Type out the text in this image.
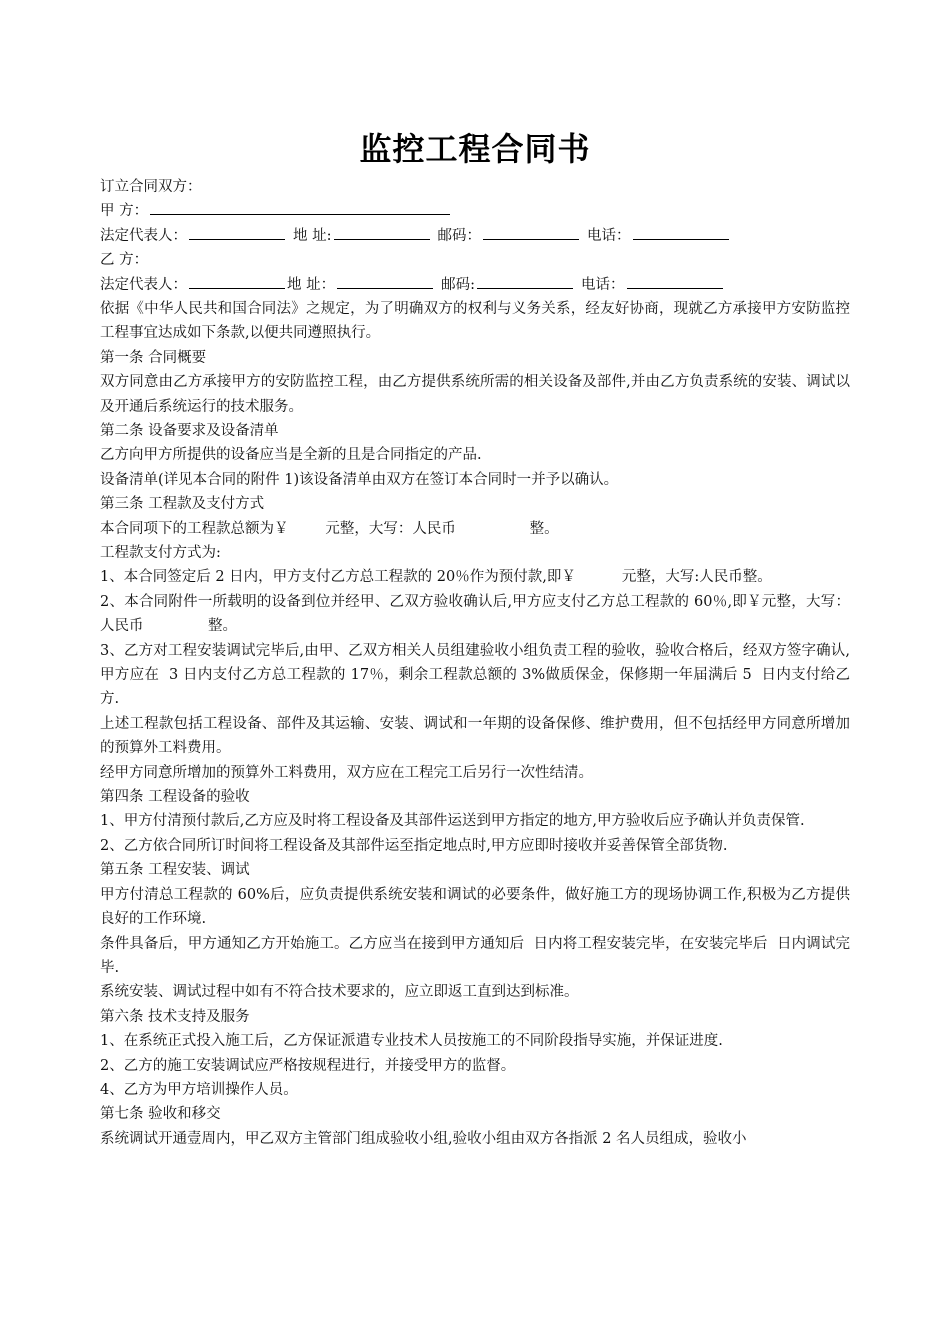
监控工程合同书
订立合同双方：
甲 方：
法定代表人：	地 址:	邮码：	电话：
乙 方：
法定代表人：	地 址：	邮码:	电话：
依据《中华人民共和国合同法》之规定，为了明确双方的权利与义务关系，经友好协商，现就乙方承接甲方安防监控工程事宜达成如下条款,以便共同遵照执行。
第一条 合同概要
双方同意由乙方承接甲方的安防监控工程，由乙方提供系统所需的相关设备及部件,并由乙方负责系统的安装、调试以及开通后系统运行的技术服务。
第二条 设备要求及设备清单
乙方向甲方所提供的设备应当是全新的且是合同指定的产品.
设备清单(详见本合同的附件 1)该设备清单由双方在签订本合同时一并予以确认。
第三条 工程款及支付方式
本合同项下的工程款总额为￥        元整，大写：人民币                整。
工程款支付方式为:
1、本合同签定后 2 日内，甲方支付乙方总工程款的 20％作为预付款,即￥          元整，大写:人民币整。
2、本合同附件一所载明的设备到位并经甲、乙双方验收确认后,甲方应支付乙方总工程款的 60％,即￥元整，大写：人民币              整。
3、乙方对工程安装调试完毕后,由甲、乙双方相关人员组建验收小组负责工程的验收，验收合格后，经双方签字确认,甲方应在  3 日内支付乙方总工程款的 17％，剩余工程款总额的 3%做质保金，保修期一年届满后 5  日内支付给乙方.
上述工程款包括工程设备、部件及其运输、安装、调试和一年期的设备保修、维护费用，但不包括经甲方同意所增加的预算外工料费用。
经甲方同意所增加的预算外工料费用，双方应在工程完工后另行一次性结清。
第四条 工程设备的验收
1、甲方付清预付款后,乙方应及时将工程设备及其部件运送到甲方指定的地方,甲方验收后应予确认并负责保管.
2、乙方依合同所订时间将工程设备及其部件运至指定地点时,甲方应即时接收并妥善保管全部货物.
第五条 工程安装、调试
甲方付清总工程款的 60%后，应负责提供系统安装和调试的必要条件，做好施工方的现场协调工作,积极为乙方提供良好的工作环境.
条件具备后，甲方通知乙方开始施工。乙方应当在接到甲方通知后  日内将工程安装完毕，在安装完毕后  日内调试完毕.
系统安装、调试过程中如有不符合技术要求的，应立即返工直到达到标准。
第六条 技术支持及服务
1、在系统正式投入施工后，乙方保证派遣专业技术人员按施工的不同阶段指导实施，并保证进度.
2、乙方的施工安装调试应严格按规程进行，并接受甲方的监督。
4、乙方为甲方培训操作人员。
第七条 验收和移交
系统调试开通壹周内，甲乙双方主管部门组成验收小组,验收小组由双方各指派 2 名人员组成，验收小
